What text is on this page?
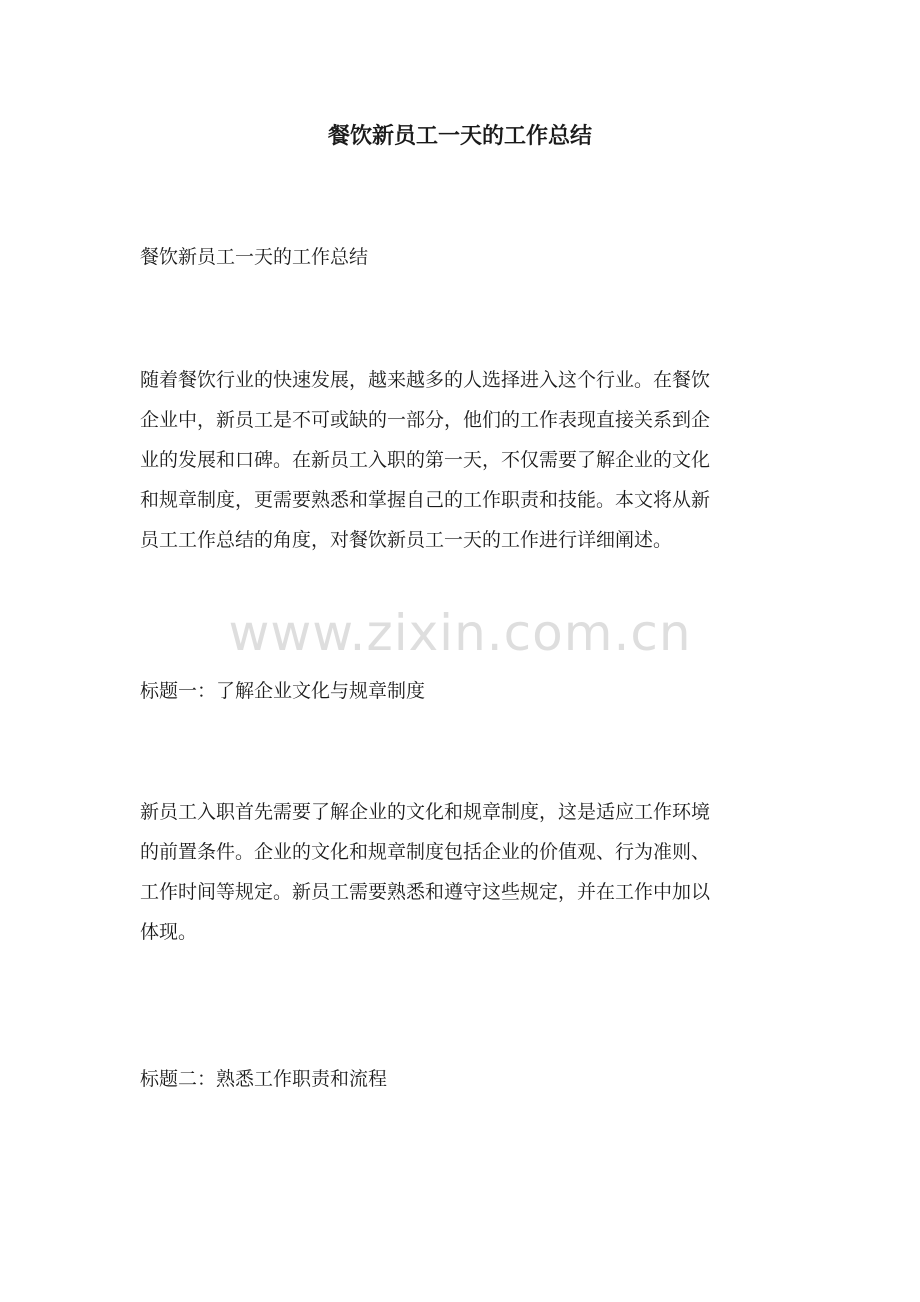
餐饮新员工一天的工作总结
餐饮新员工一天的工作总结
随着餐饮行业的快速发展，越来越多的人选择进入这个行业。在餐饮
企业中，新员工是不可或缺的一部分，他们的工作表现直接关系到企
业的发展和口碑。在新员工入职的第一天，不仅需要了解企业的文化
和规章制度，更需要熟悉和掌握自己的工作职责和技能。本文将从新
员工工作总结的角度，对餐饮新员工一天的工作进行详细阐述。
www.zixin.com.cn
标题一：了解企业文化与规章制度
新员工入职首先需要了解企业的文化和规章制度，这是适应工作环境
的前置条件。企业的文化和规章制度包括企业的价值观、行为准则、
工作时间等规定。新员工需要熟悉和遵守这些规定，并在工作中加以
体现。
标题二：熟悉工作职责和流程
